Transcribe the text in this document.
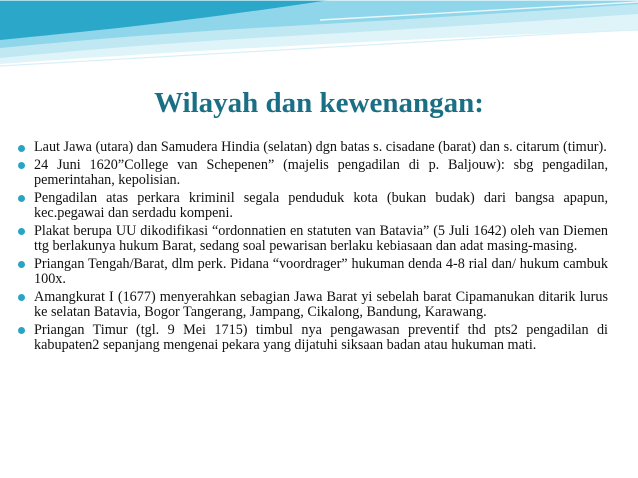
Wilayah dan kewenangan:
Laut Jawa (utara) dan Samudera Hindia (selatan) dgn batas s. cisadane (barat) dan s. citarum (timur).
24 Juni 1620”College van Schepenen” (majelis pengadilan di p. Baljouw): sbg pengadilan, pemerintahan, kepolisian.
Pengadilan atas perkara kriminil segala penduduk kota (bukan budak) dari bangsa apapun, kec.pegawai dan serdadu kompeni.
Plakat berupa UU dikodifikasi “ordonnatien en statuten van Batavia” (5 Juli 1642) oleh van Diemen ttg berlakunya hukum Barat, sedang soal pewarisan berlaku kebiasaan dan adat masing-masing.
Priangan Tengah/Barat, dlm perk. Pidana “voordrager” hukuman denda 4-8 rial dan/ hukum cambuk 100x.
Amangkurat I (1677) menyerahkan sebagian Jawa Barat yi sebelah barat Cipamanukan ditarik lurus ke selatan Batavia, Bogor Tangerang, Jampang, Cikalong, Bandung, Karawang.
Priangan Timur (tgl. 9 Mei 1715) timbul nya pengawasan preventif thd pts2 pengadilan di kabupaten2 sepanjang mengenai pekara yang dijatuhi siksaan badan atau hukuman mati.
